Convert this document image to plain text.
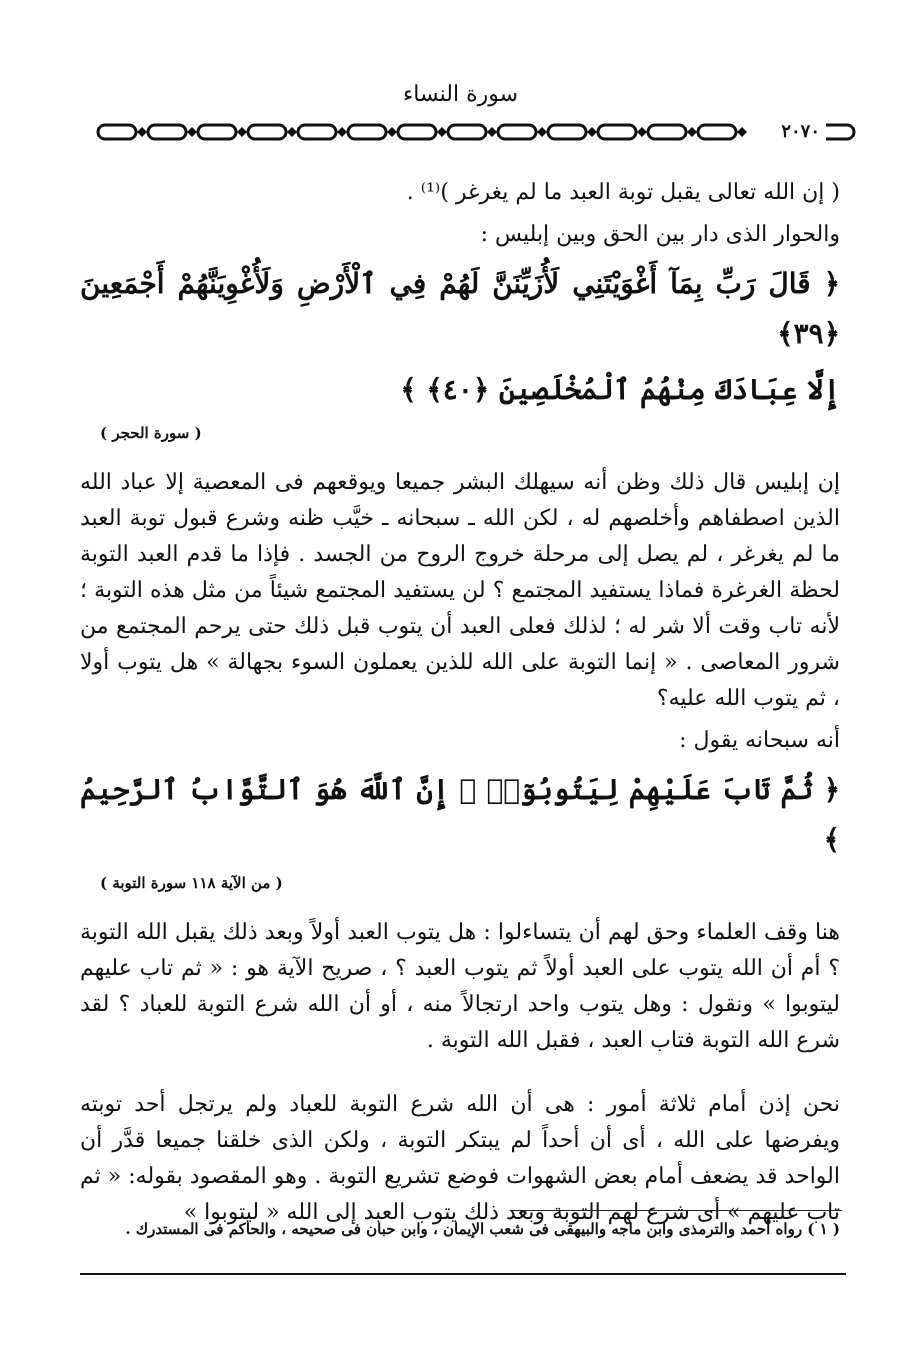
سورة النساء
٢٠٧٠

( إن الله تعالى يقبل توبة العبد ما لم يغرغر )⁽¹⁾ .

والحوار الذى دار بين الحق وبين إبليس :

﴿ قَالَ رَبِّ بِمَآ أَغْوَيْتَنِي لَأُزَيِّنَنَّ لَهُمْ فِي ٱلْأَرْضِ وَلَأُغْوِيَنَّهُمْ أَجْمَعِينَ ﴿٣٩﴾

إِلَّا عِبَادَكَ مِنْهُمُ ٱلْمُخْلَصِينَ ﴿٤٠﴾ ﴾

( سورة الحجر )

إن إبليس قال ذلك وظن أنه سيهلك البشر جميعا ويوقعهم فى المعصية إلا عباد الله الذين اصطفاهم وأخلصهم له ، لكن الله ـ سبحانه ـ خيَّب ظنه وشرع قبول توبة العبد ما لم يغرغر ، لم يصل إلى مرحلة خروج الروح من الجسد . فإذا ما قدم العبد التوبة لحظة الغرغرة فماذا يستفيد المجتمع ؟ لن يستفيد المجتمع شيئاً من مثل هذه التوبة ؛ لأنه تاب وقت ألا شر له ؛ لذلك فعلى العبد أن يتوب قبل ذلك حتى يرحم المجتمع من شرور المعاصى . « إنما التوبة على الله للذين يعملون السوء بجهالة » هل يتوب أولا ، ثم يتوب الله عليه؟

أنه سبحانه يقول :

﴿ ثُمَّ تَابَ عَلَيْهِمْ لِيَتُوبُوٓا۟ ۚ إِنَّ ٱللَّهَ هُوَ ٱلتَّوَّابُ ٱلرَّحِيمُ ﴾

( من الآية ١١٨ سورة التوبة )

هنا وقف العلماء وحق لهم أن يتساءلوا : هل يتوب العبد أولاً وبعد ذلك يقبل الله التوبة ؟ أم أن الله يتوب على العبد أولاً ثم يتوب العبد ؟ ، صريح الآية هو : « ثم تاب عليهم ليتوبوا » ونقول : وهل يتوب واحد ارتجالاً منه ، أو أن الله شرع التوبة للعباد ؟ لقد شرع الله التوبة فتاب العبد ، فقبل الله التوبة .

نحن إذن أمام ثلاثة أمور : هى أن الله شرع التوبة للعباد ولم يرتجل أحد توبته ويفرضها على الله ، أى أن أحداً لم يبتكر التوبة ، ولكن الذى خلقنا جميعا قدَّر أن الواحد قد يضعف أمام بعض الشهوات فوضع تشريع التوبة . وهو المقصود بقوله: « ثم تاب عليهم » أى شرع لهم التوبة وبعد ذلك يتوب العبد إلى الله « ليتوبوا »

( ١ ) رواه أحمد والترمذى وابن ماجه والبيهقى فى شعب الإيمان ، وابن حبان فى صحيحه ، والحاكم فى المستدرك .
